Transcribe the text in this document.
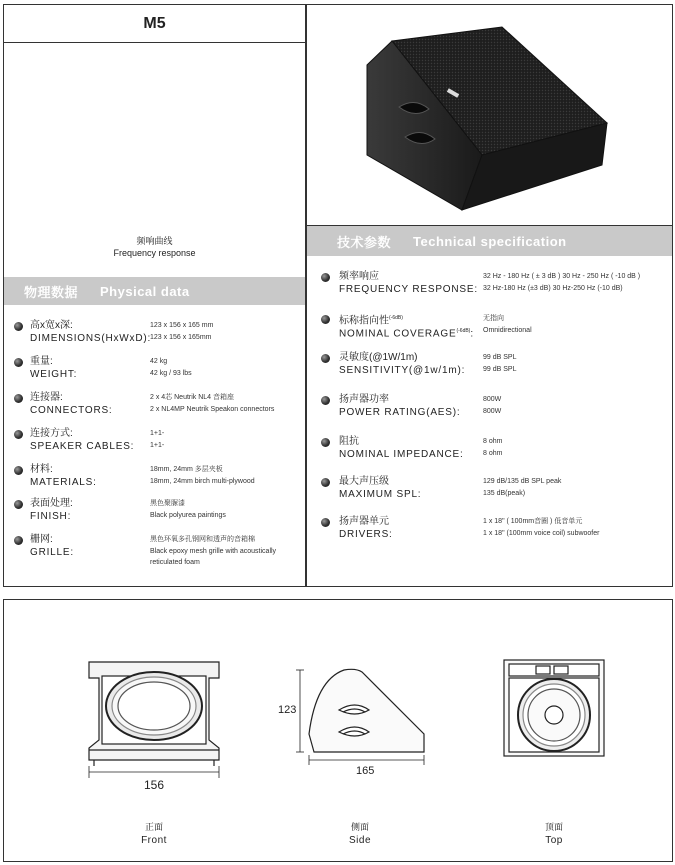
M5
频响曲线
Frequency response
物理数据 Physical data
高x宽x深:
DIMENSIONS(HxWxD):
123 x 156 x 165 mm
123 x 156 x 165mm
重量:
WEIGHT:
42 kg
42 kg / 93 lbs
连接器:
CONNECTORS:
2 x 4芯 Neutrik NL4 音箱座
2 x NL4MP Neutrik Speakon connectors
连接方式:
SPEAKER CABLES:
1+1-
1+1-
材料:
MATERIALS:
18mm, 24mm 多层夹板
18mm, 24mm birch multi-plywood
表面处理:
FINISH:
黑色聚脲漆
Black polyurea paintings
栅网:
GRILLE:
黑色环氧多孔钢网和透声的音箱棉
Black epoxy mesh grille with acoustically
reticulated foam
技术参数 Technical specification
频率响应
FREQUENCY RESPONSE:
32 Hz - 180 Hz ( ± 3 dB ) 30 Hz - 250 Hz ( -10 dB )
32 Hz-180 Hz (±3 dB) 30 Hz-250 Hz (-10 dB)
标称指向性$^{(-6dB)}$
NOMINAL $COVERAGE^{(-6dB)}$:
无指向
Omnidirectional
灵敏度(@1W/1m)
SENSITIVITY(@1w/1m):
99 dB SPL
99 dB SPL
扬声器功率
POWER RATING(AES):
800W
800W
阻抗
NOMINAL IMPEDANCE:
8 ohm
8 ohm
最大声压级
MAXIMUM SPL:
129 dB/135 dB SPL peak
135 dB(peak)
扬声器单元
DRIVERS:
1 x 18" ( 100mm音圈 ) 低音单元
1 x 18" (100mm voice coil) subwoofer
156
165
123
正面
Front
侧面
Side
顶面
Top
